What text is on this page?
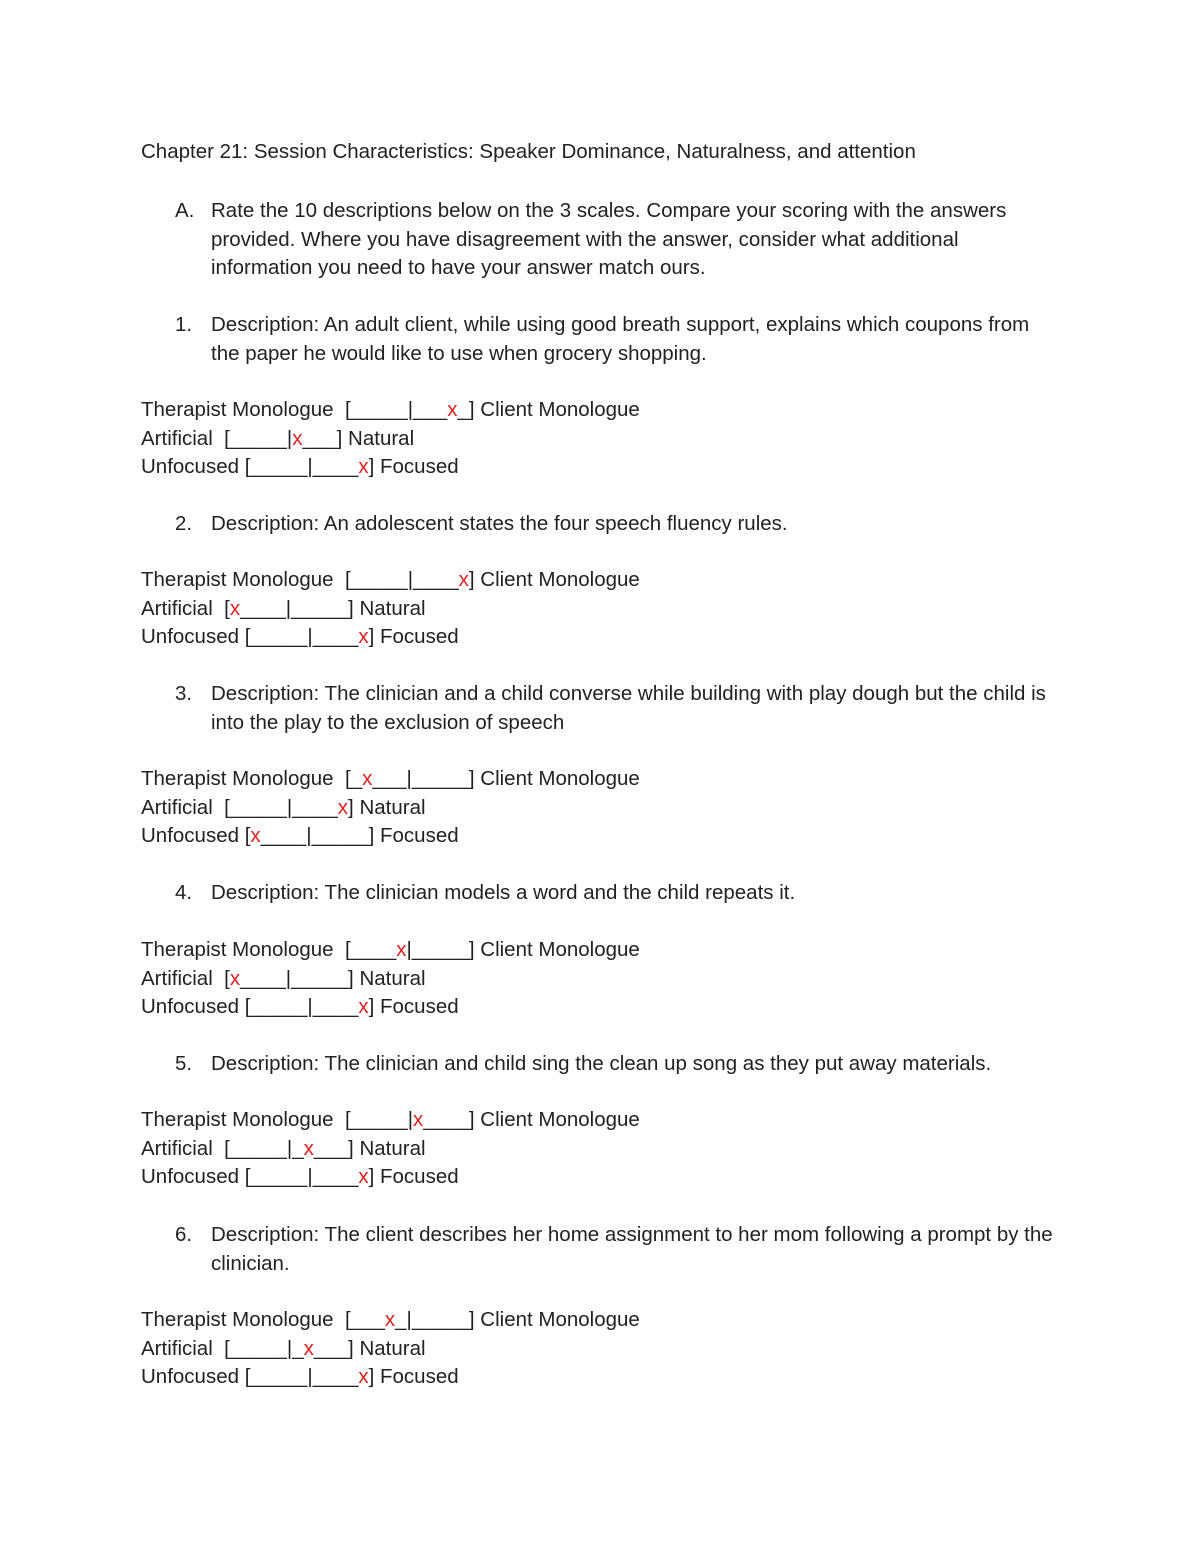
Chapter 21: Session Characteristics: Speaker Dominance, Naturalness, and attention
A. Rate the 10 descriptions below on the 3 scales. Compare your scoring with the answers provided. Where you have disagreement with the answer, consider what additional information you need to have your answer match ours.
1. Description: An adult client, while using good breath support, explains which coupons from the paper he would like to use when grocery shopping.
Therapist Monologue  [_____|___x_] Client Monologue
Artificial  [_____|x___] Natural
Unfocused [_____|____x] Focused
2. Description: An adolescent states the four speech fluency rules.
Therapist Monologue  [_____|____x] Client Monologue
Artificial  [x____|_____] Natural
Unfocused [_____|____x] Focused
3. Description: The clinician and a child converse while building with play dough but the child is into the play to the exclusion of speech
Therapist Monologue  [_x___|_____] Client Monologue
Artificial  [_____|____x] Natural
Unfocused [x____|_____] Focused
4. Description: The clinician models a word and the child repeats it.
Therapist Monologue  [____x|_____] Client Monologue
Artificial  [x____|_____] Natural
Unfocused [_____|____x] Focused
5. Description: The clinician and child sing the clean up song as they put away materials.
Therapist Monologue  [_____|x____] Client Monologue
Artificial  [_____|_x___] Natural
Unfocused [_____|____x] Focused
6. Description: The client describes her home assignment to her mom following a prompt by the clinician.
Therapist Monologue  [___x_|_____] Client Monologue
Artificial  [_____|_x___] Natural
Unfocused [_____|____x] Focused
